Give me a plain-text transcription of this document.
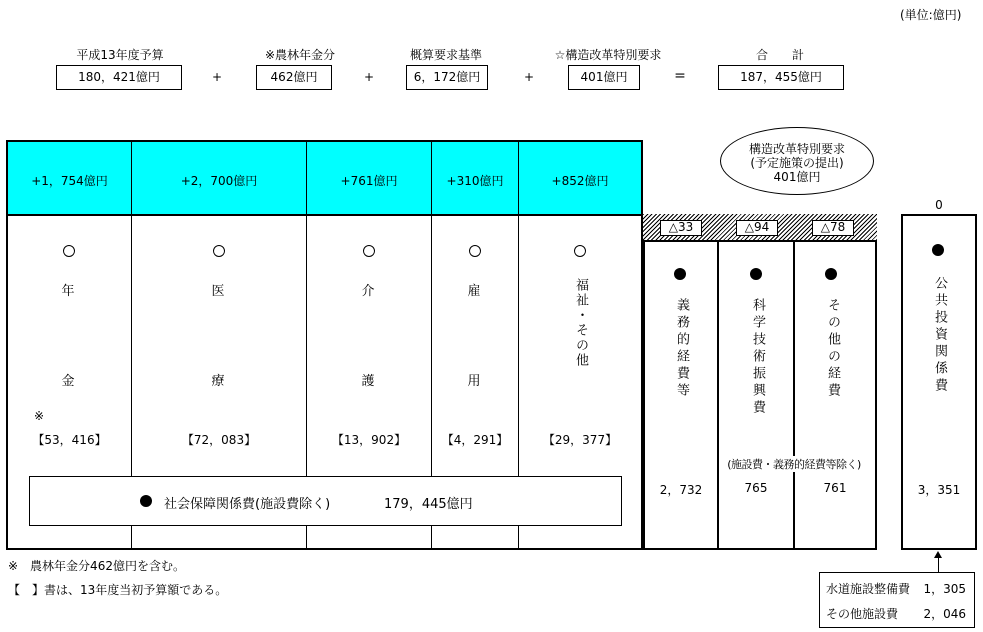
(単位:億円)
平成13年度予算
180，421億円	+
※農林年金分
462億円	+
概算要求基準
6，172億円	+
☆構造改革特別要求
401億円	=
合　　計
187，455億円
+1，754億円	+2，700億円	+761億円	+310億円	+852億円
年
金
医
療
介
護
雇
用
福祉・その他
※
【53，416】	【72，083】	【13，902】	【4，291】	【29，377】
社会保障関係費(施設費除く)	179，445億円
構造改革特別要求
(予定施策の提出)
401億円
△33	△94	△78
義務的経費等	科学技術振興費	その他の経費
(施設費・義務的経費等除く)
2，732	765	761
0
公共投資関係費
3，351
水道施設整備費 1，305
その他施設費 2，046
※　農林年金分462億円を含む。
【　】書は、13年度当初予算額である。
